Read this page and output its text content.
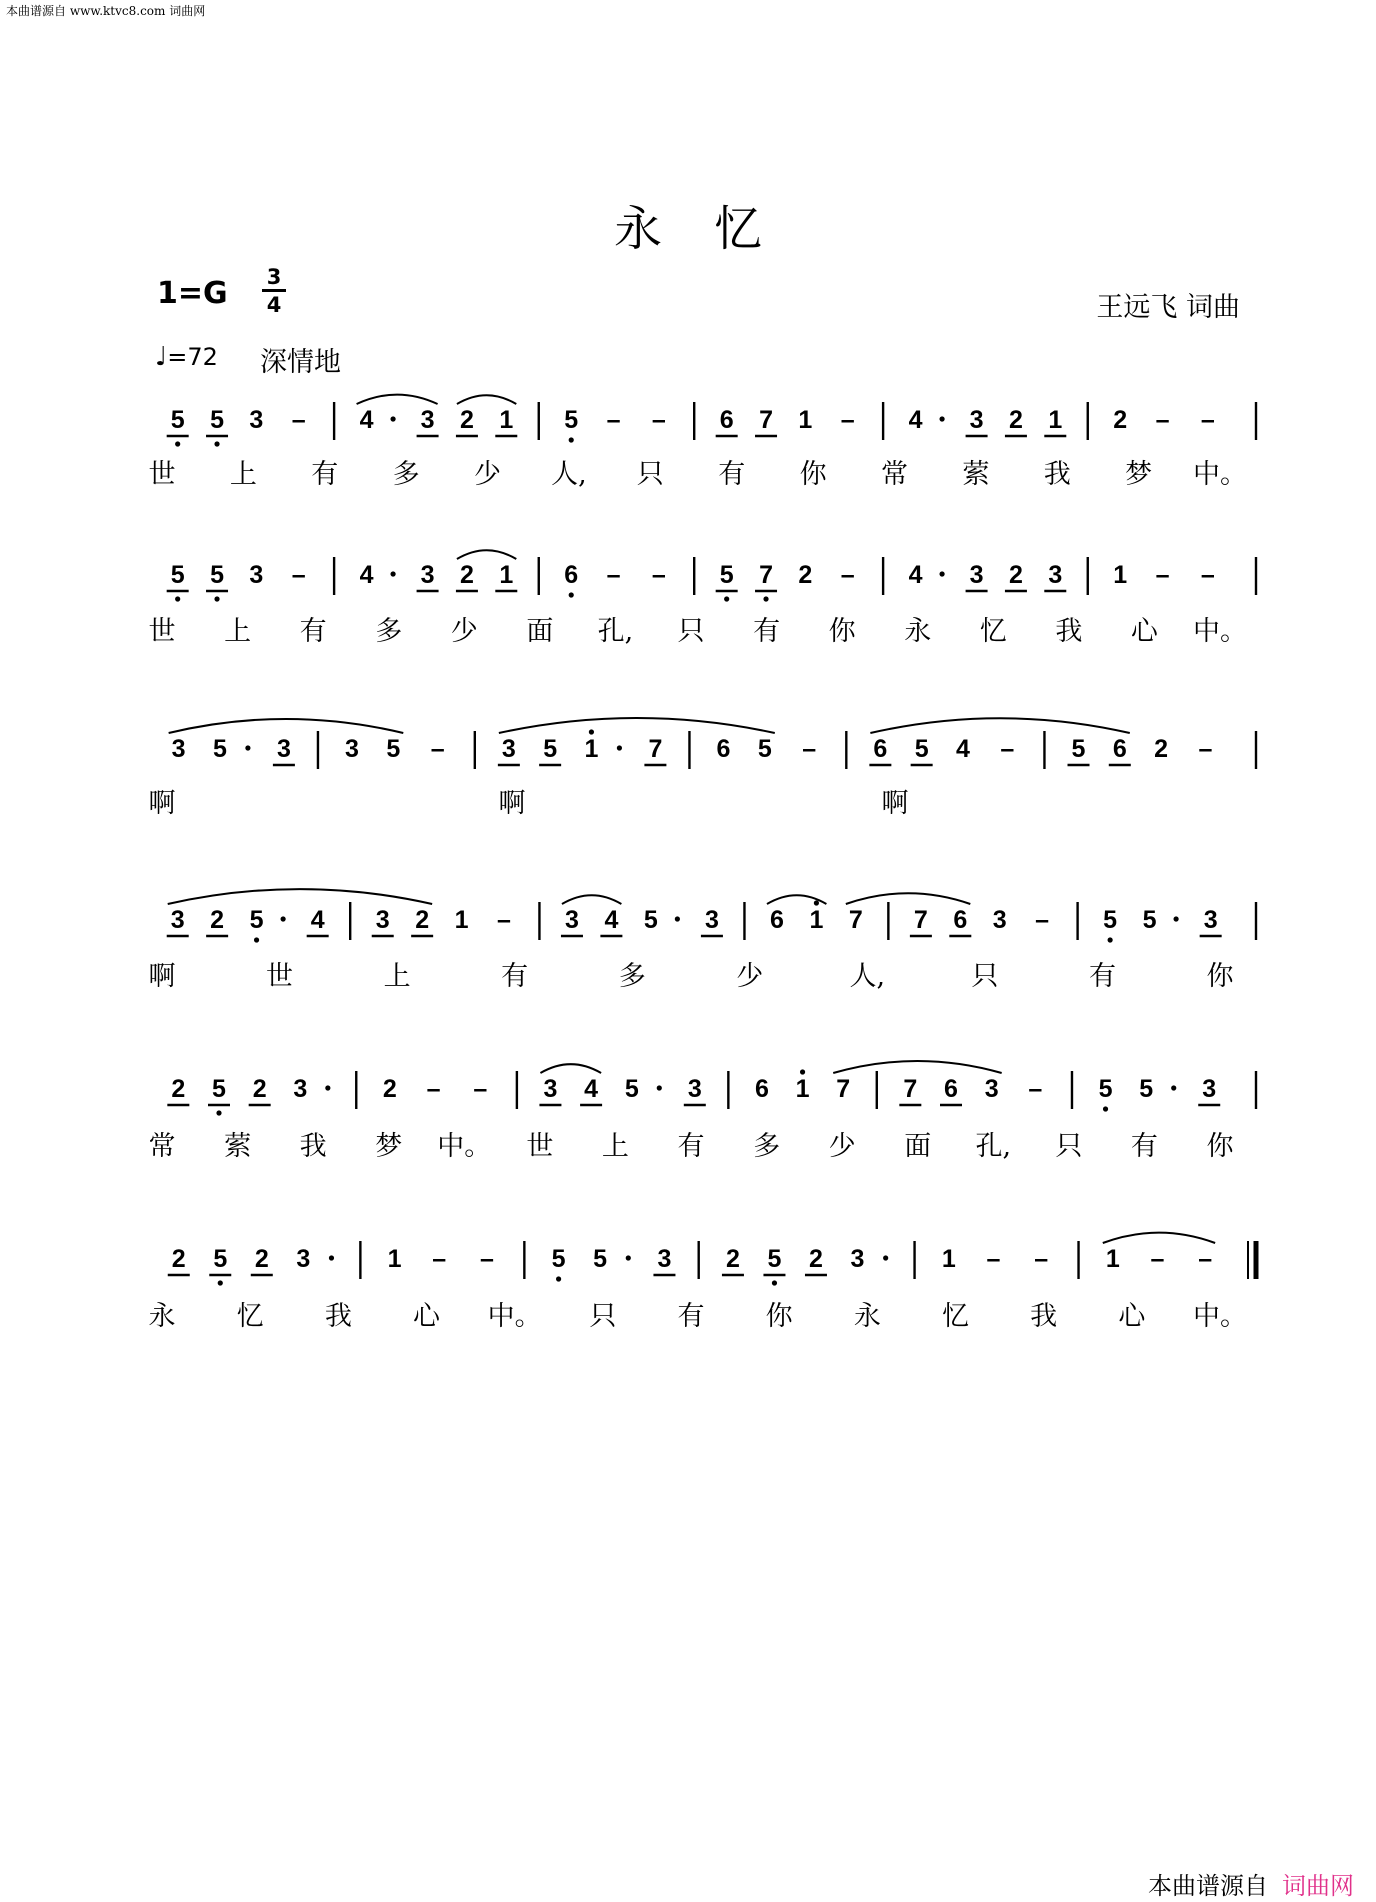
本曲谱源自 www.ktvc8.com 词曲网
永忆
1=G 3
4	王远飞 词曲
♩=72 深情地
5 5 3 – 4 3 2 1 5 – – 6 7 1 – 4 3 2 1 2 – –
世 上 有 多 少 人, 只 有 你 常 萦 我 梦 中。
5 5 3 – 4 3 2 1 6 – – 5 7 2 – 4 3 2 3 1 – –
世 上 有 多 少 面 孔, 只 有 你 永 忆 我 心 中。
3 5 3 3 5 – 3 5 1 7 6 5 – 6 5 4 – 5 6 2 –
啊	啊	啊
3 2 5 4 3 2 1 – 3 4 5 3 6 1 7 7 6 3 – 5 5 3
啊	世	上	有	多	少	人,	只	有	你
2 5 2 3	2 – – 3 4 5 3 6 1 7 7 6 3 – 5 5 3
常 萦 我 梦 中。 世 上 有 多 少 面 孔, 只 有 你
2 5 2 3	1 – – 5 5 3 2 5 2 3	1 – – 1 – –
永 忆 我 心 中。 只 有 你 永 忆 我 心 中。
本曲谱源自 词曲网
